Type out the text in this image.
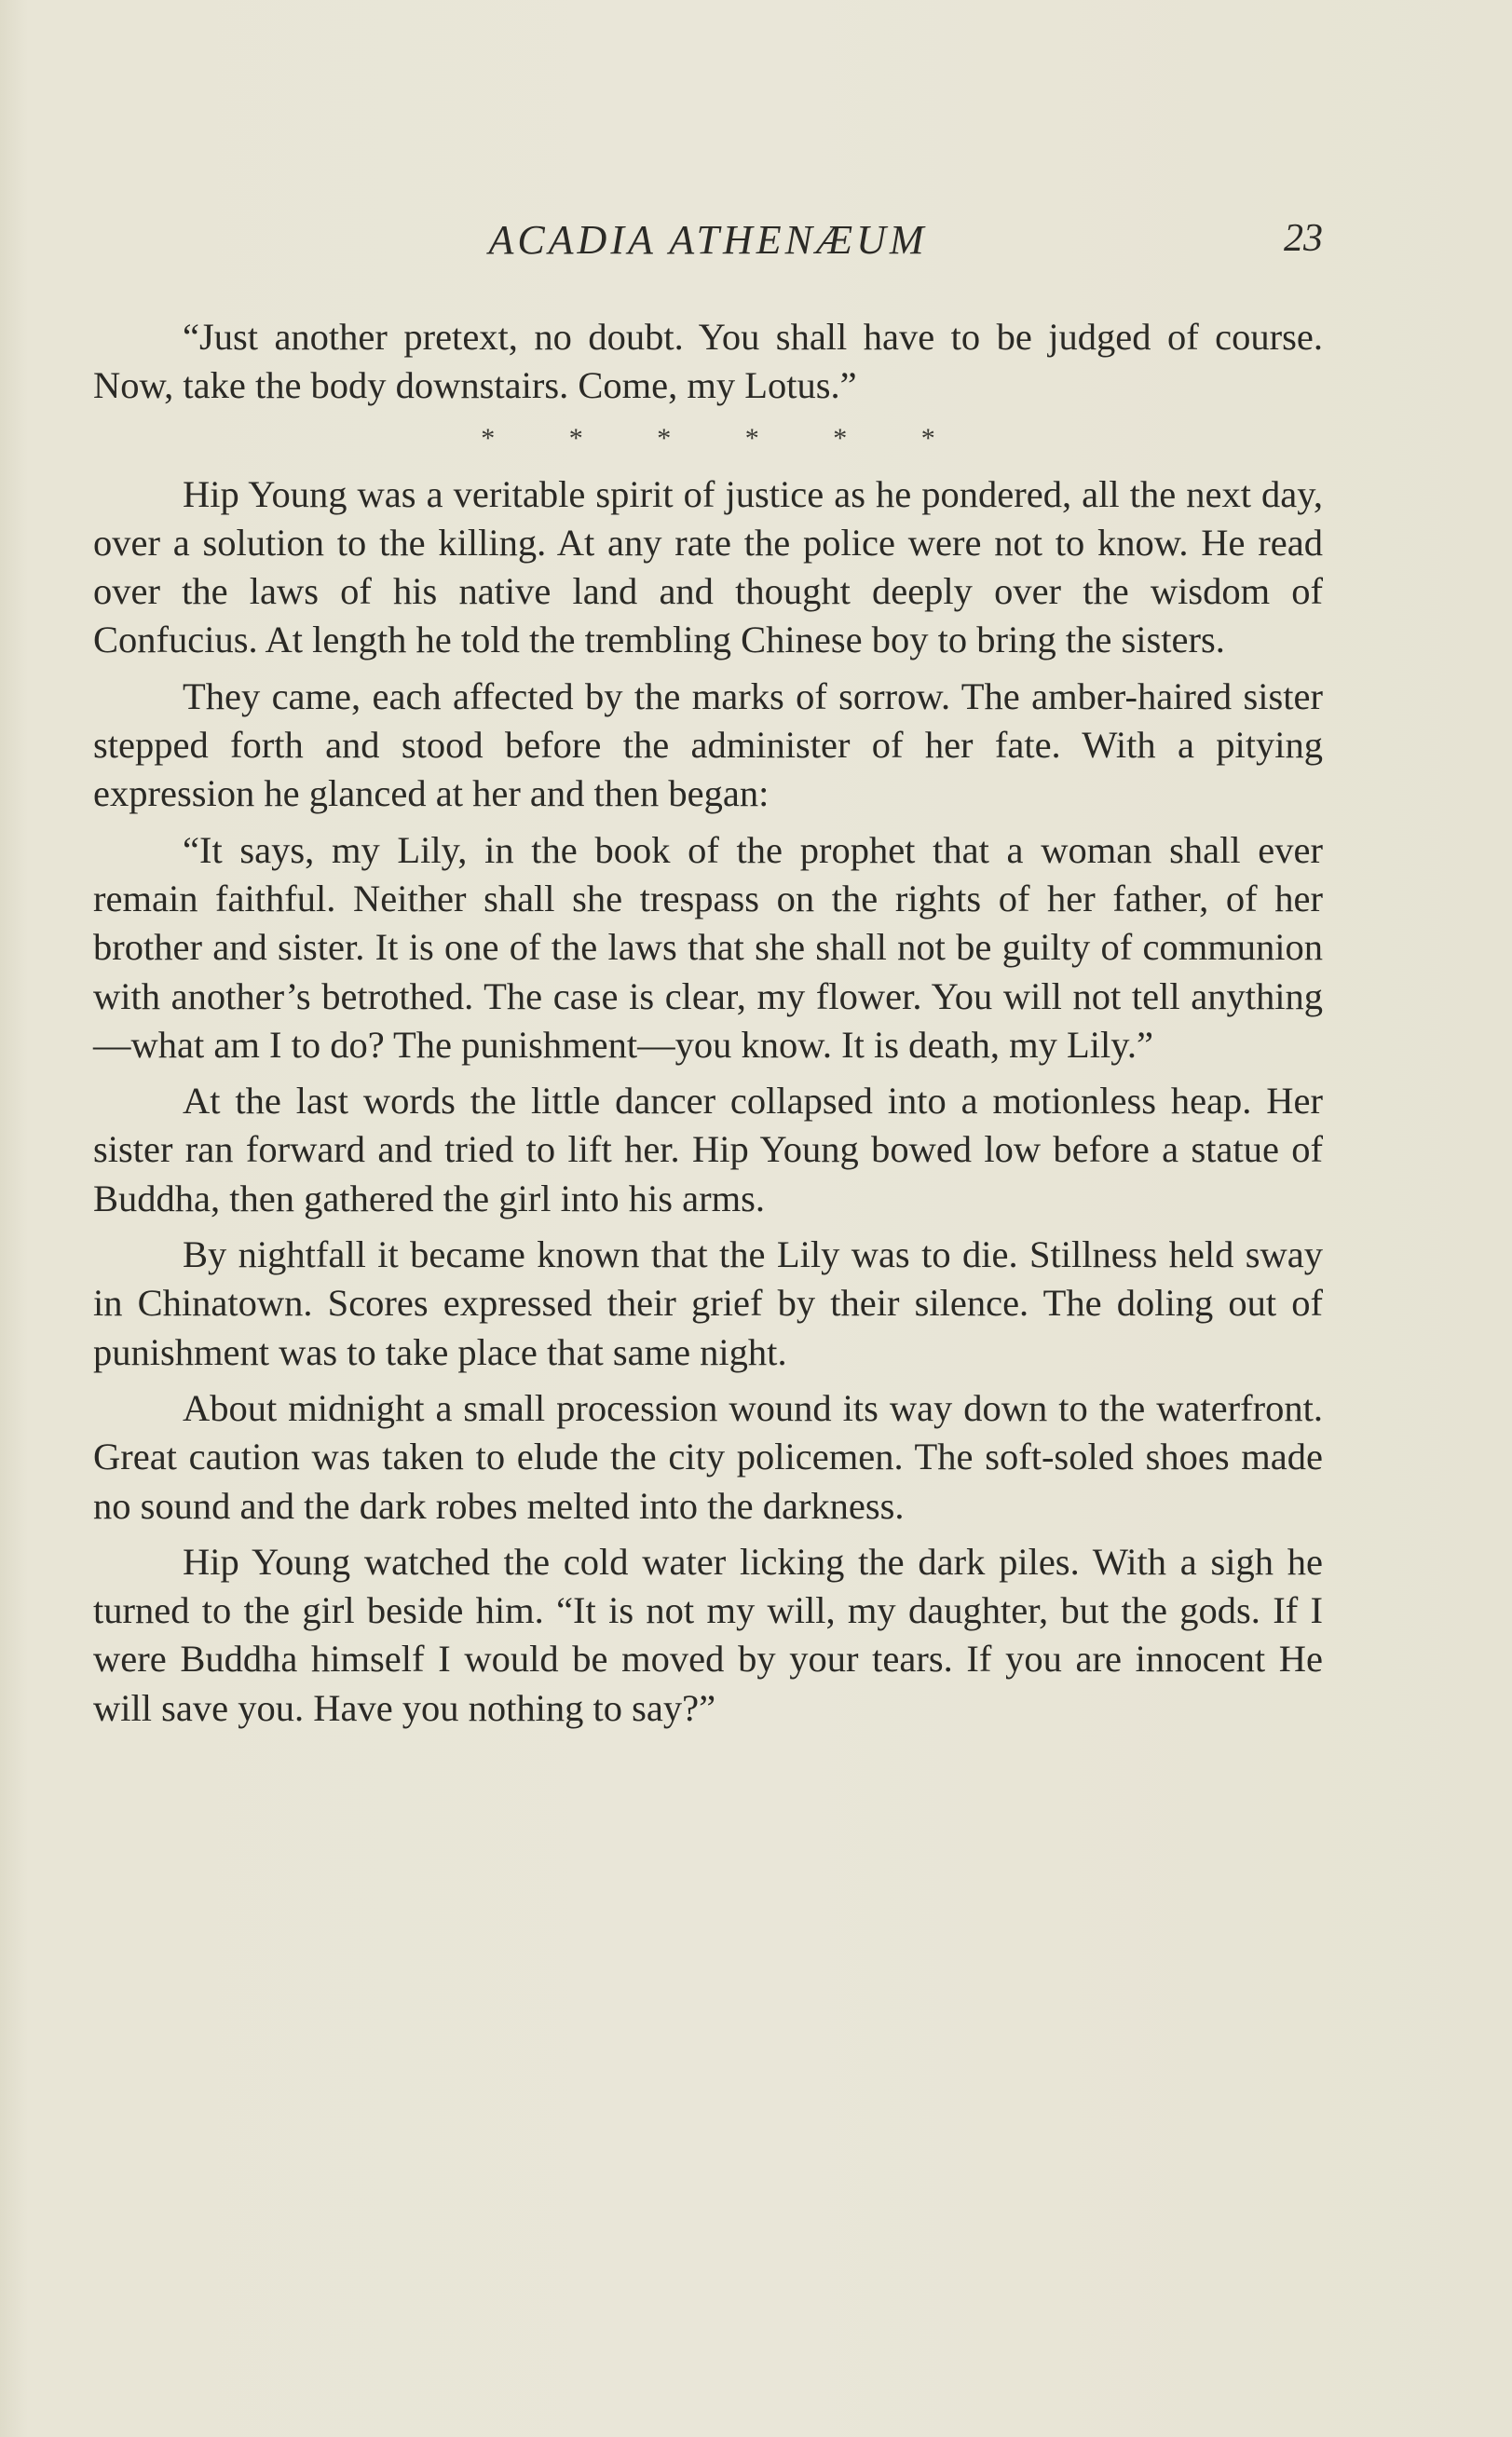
ACADIA ATHENÆUM	23

“Just another pretext, no doubt. You shall have to be judged of course. Now, take the body downstairs. Come, my Lotus.”

* * * * * *

Hip Young was a veritable spirit of justice as he pondered, all the next day, over a solution to the killing. At any rate the police were not to know. He read over the laws of his native land and thought deeply over the wisdom of Confucius. At length he told the trembling Chinese boy to bring the sisters.

They came, each affected by the marks of sorrow. The amber-haired sister stepped forth and stood before the administer of her fate. With a pitying expression he glanced at her and then began:

“It says, my Lily, in the book of the prophet that a woman shall ever remain faithful. Neither shall she trespass on the rights of her father, of her brother and sister. It is one of the laws that she shall not be guilty of communion with another’s betrothed. The case is clear, my flower. You will not tell anything—what am I to do? The punishment—you know. It is death, my Lily.”

At the last words the little dancer collapsed into a motionless heap. Her sister ran forward and tried to lift her. Hip Young bowed low before a statue of Buddha, then gathered the girl into his arms.

By nightfall it became known that the Lily was to die. Stillness held sway in Chinatown. Scores expressed their grief by their silence. The doling out of punishment was to take place that same night.

About midnight a small procession wound its way down to the waterfront. Great caution was taken to elude the city policemen. The soft-soled shoes made no sound and the dark robes melted into the darkness.

Hip Young watched the cold water licking the dark piles. With a sigh he turned to the girl beside him. “It is not my will, my daughter, but the gods. If I were Buddha himself I would be moved by your tears. If you are innocent He will save you. Have you nothing to say?”
